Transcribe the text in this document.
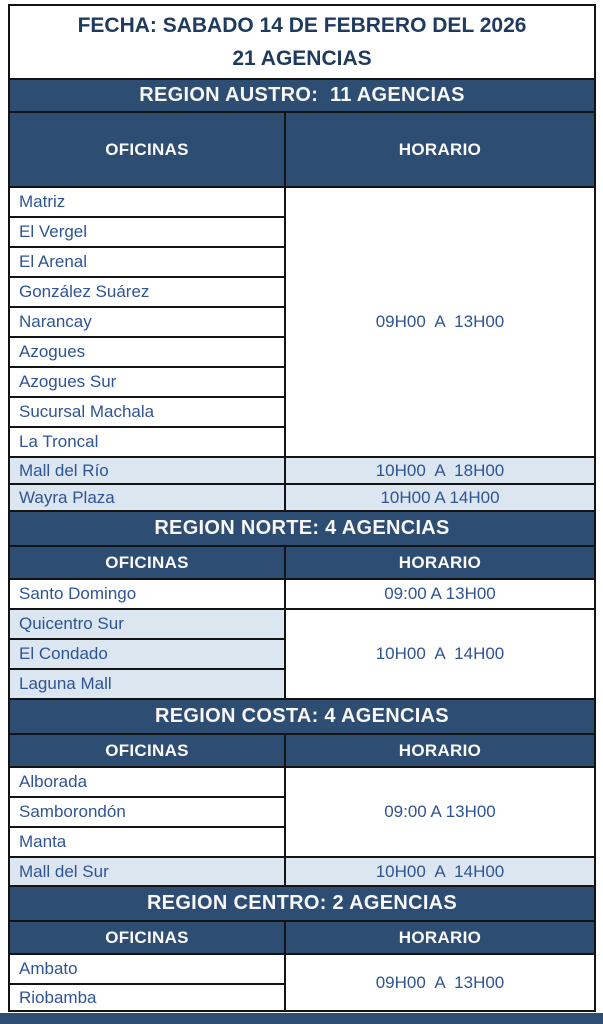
FECHA: SABADO 14 DE FEBRERO DEL 2026
21 AGENCIAS	

REGION AUSTRO:  11 AGENCIAS	
OFICINAS	HORARIO
Matriz	09H00  A  13H00
El Vergel	
El Arenal	
González Suárez	
Narancay	
Azogues	
Azogues Sur	
Sucursal Machala	
La Troncal	
Mall del Río	10H00  A  18H00
Wayra Plaza	10H00 A 14H00
REGION NORTE: 4 AGENCIAS	
OFICINAS	HORARIO
Santo Domingo	09:00 A 13H00
Quicentro Sur	10H00  A  14H00
El Condado	
Laguna Mall	
REGION COSTA: 4 AGENCIAS	
OFICINAS	HORARIO
Alborada	09:00 A 13H00
Samborondón	
Manta	
Mall del Sur	10H00  A  14H00
REGION CENTRO: 2 AGENCIAS	
OFICINAS	HORARIO
Ambato	09H00  A  13H00
Riobamba	
